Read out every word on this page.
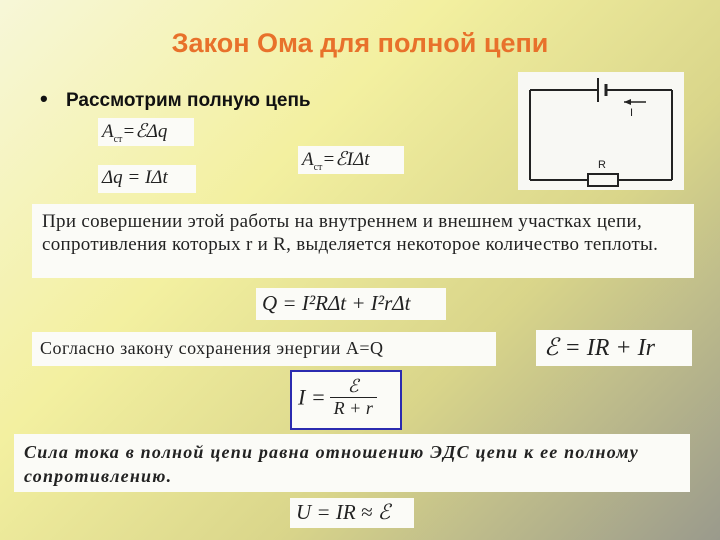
Закон Ома для полной цепи
• Рассмотрим полную цепь
I
R
$A_{ст}=ℰ\Delta q$
Δq = IΔt
$A_{ст}=ℰI\Delta t$
При совершении этой работы на внутреннем и внешнем участках цепи, сопротивления которых r и R, выделяется некоторое количество теплоты.
Q = I²RΔt + I²rΔt
Согласно закону сохранения энергии A=Q	ℰ = IR + Ir
$I = \frac{\text{ℰ}}{R + r}$
Сила тока в полной цепи равна отношению ЭДС цепи к ее полному сопротивлению.
U = IR ≈ ℰ
